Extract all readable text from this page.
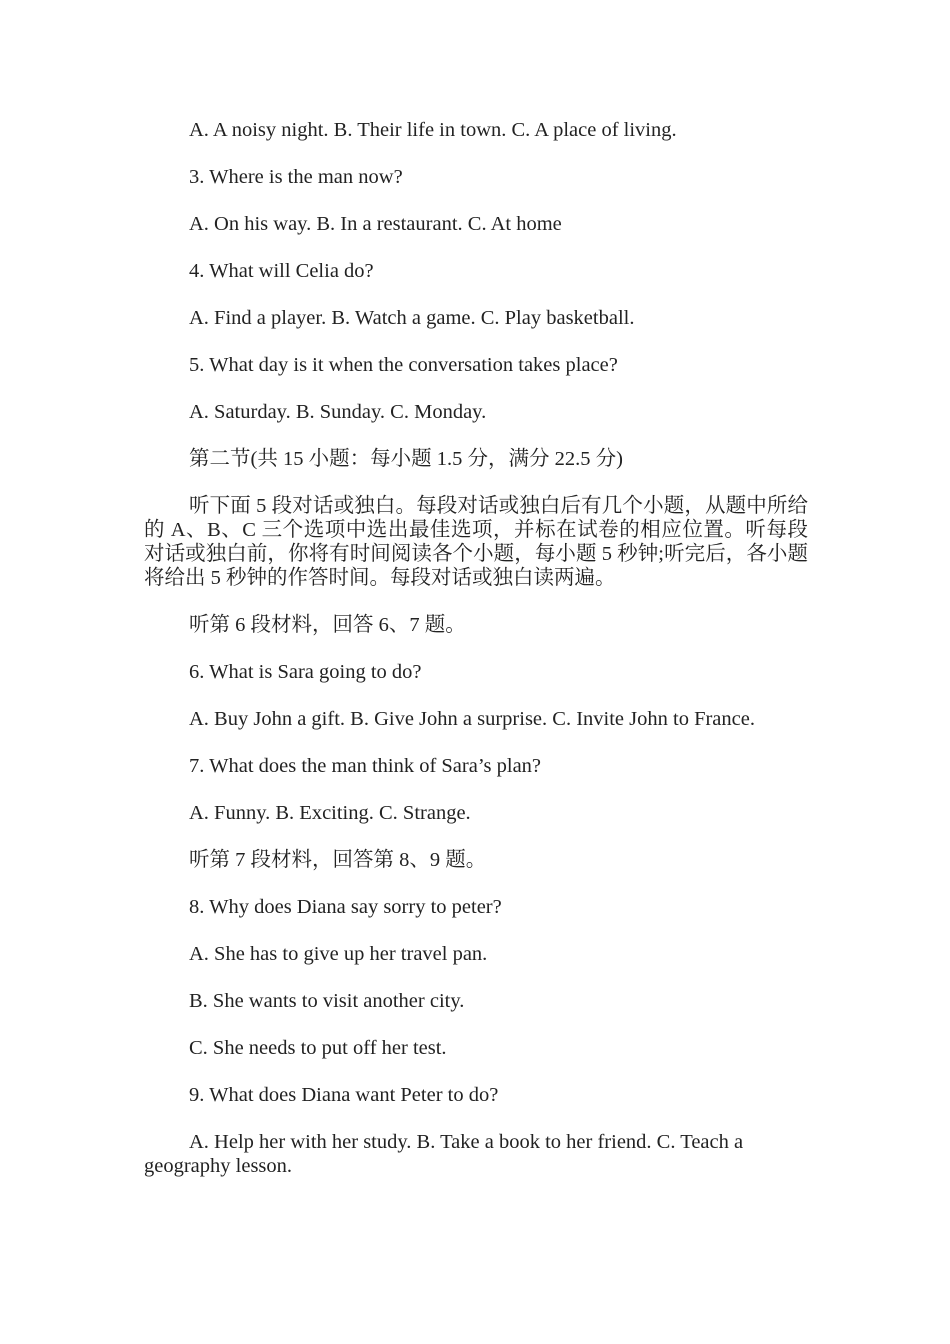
A. A noisy night. B. Their life in town. C. A place of living.

3. Where is the man now?

A. On his way. B. In a restaurant. C. At home

4. What will Celia do?

A. Find a player. B. Watch a game. C. Play basketball.

5. What day is it when the conversation takes place?

A. Saturday. B. Sunday. C. Monday.

第二节(共 15 小题：每小题 1.5 分，满分 22.5 分)

听下面 5 段对话或独白。每段对话或独白后有几个小题，从题中所给的 A、B、C 三个选项中选出最佳选项，并标在试卷的相应位置。听每段对话或独白前，你将有时间阅读各个小题，每小题 5 秒钟;听完后，各小题将给出 5 秒钟的作答时间。每段对话或独白读两遍。

听第 6 段材料，回答 6、7 题。

6. What is Sara going to do?

A. Buy John a gift. B. Give John a surprise. C. Invite John to France.

7. What does the man think of Sara’s plan?

A. Funny. B. Exciting. C. Strange.

听第 7 段材料，回答第 8、9 题。

8. Why does Diana say sorry to peter?

A. She has to give up her travel pan.

B. She wants to visit another city.

C. She needs to put off her test.

9. What does Diana want Peter to do?

A. Help her with her study. B. Take a book to her friend. C. Teach a geography lesson.
